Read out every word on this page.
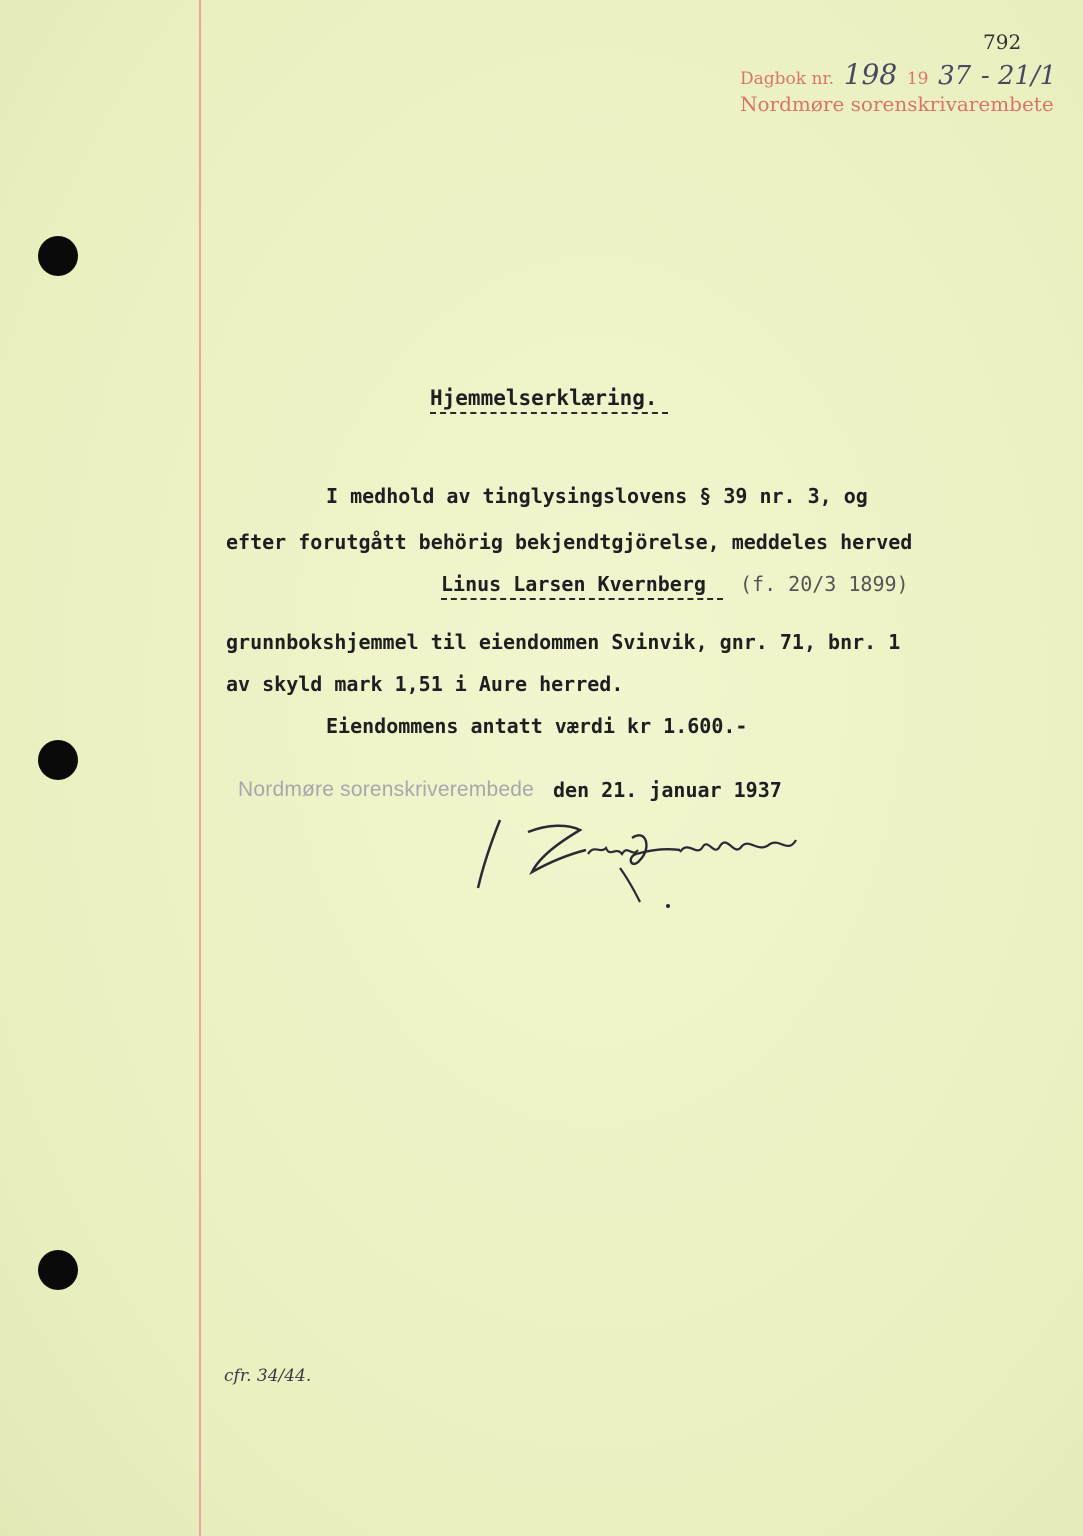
792
Dagbok nr. 198 19 37 - 21/1
Nordmøre sorenskrivarembete
Hjemmelserklæring.
I medhold av tinglysingslovens § 39 nr. 3, og
efter forutgått behörig bekjendtgjörelse, meddeles herved
Linus Larsen Kvernberg (f. 20/3 1899)
grunnbokshjemmel til eiendommen Svinvik, gnr. 71, bnr. 1
av skyld mark 1,51 i Aure herred.
Eiendommens antatt værdi kr 1.600.-
Nordmøre sorenskriverembede den 21. januar 1937
cfr. 34/44.
